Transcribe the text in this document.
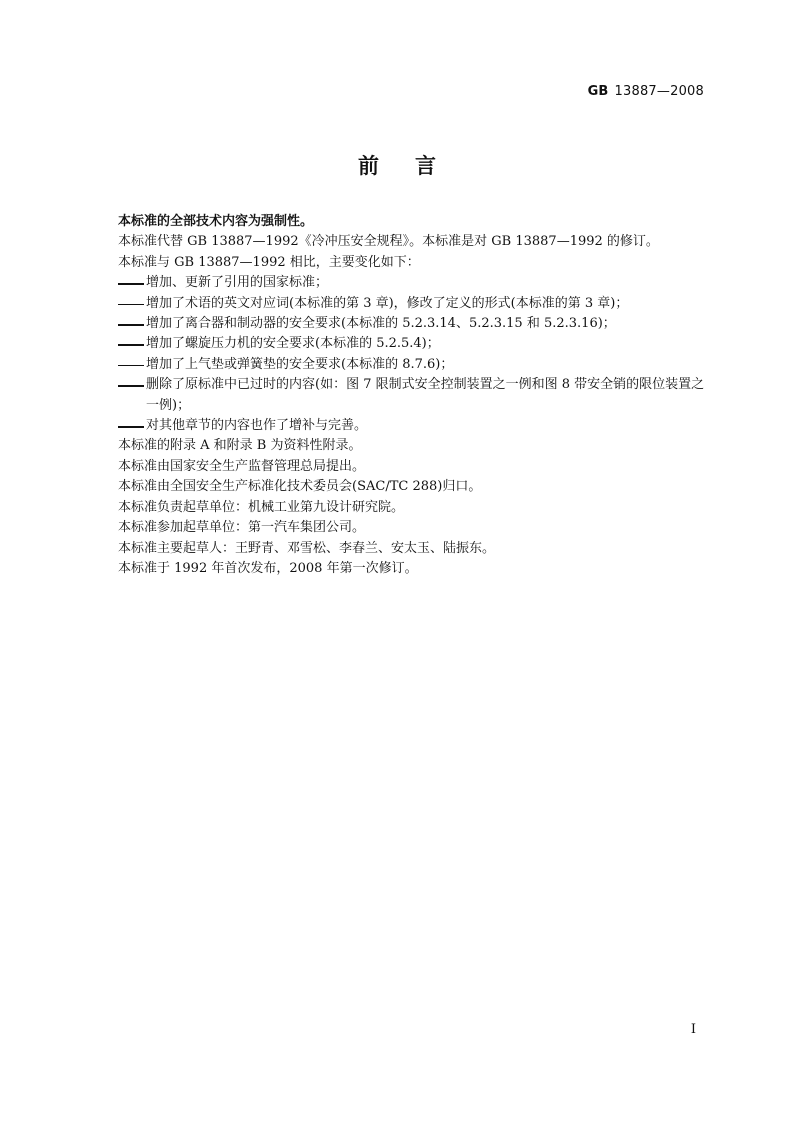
GB 13887—2008
前言

本标准的全部技术内容为强制性。

本标准代替 GB 13887—1992《冷冲压安全规程》。本标准是对 GB 13887—1992 的修订。

本标准与 GB 13887—1992 相比，主要变化如下：

增加、更新了引用的国家标准；

增加了术语的英文对应词(本标准的第 3 章)，修改了定义的形式(本标准的第 3 章)；

增加了离合器和制动器的安全要求(本标准的 5.2.3.14、5.2.3.15 和 5.2.3.16)；

增加了螺旋压力机的安全要求(本标准的 5.2.5.4)；

增加了上气垫或弹簧垫的安全要求(本标准的 8.7.6)；

删除了原标准中已过时的内容(如：图 7 限制式安全控制装置之一例和图 8 带安全销的限位装置之一例)；

对其他章节的内容也作了增补与完善。

本标准的附录 A 和附录 B 为资料性附录。

本标准由国家安全生产监督管理总局提出。

本标准由全国安全生产标准化技术委员会(SAC/TC 288)归口。

本标准负责起草单位：机械工业第九设计研究院。

本标准参加起草单位：第一汽车集团公司。

本标准主要起草人：王野青、邓雪松、李春兰、安太玉、陆振东。

本标准于 1992 年首次发布，2008 年第一次修订。

I
